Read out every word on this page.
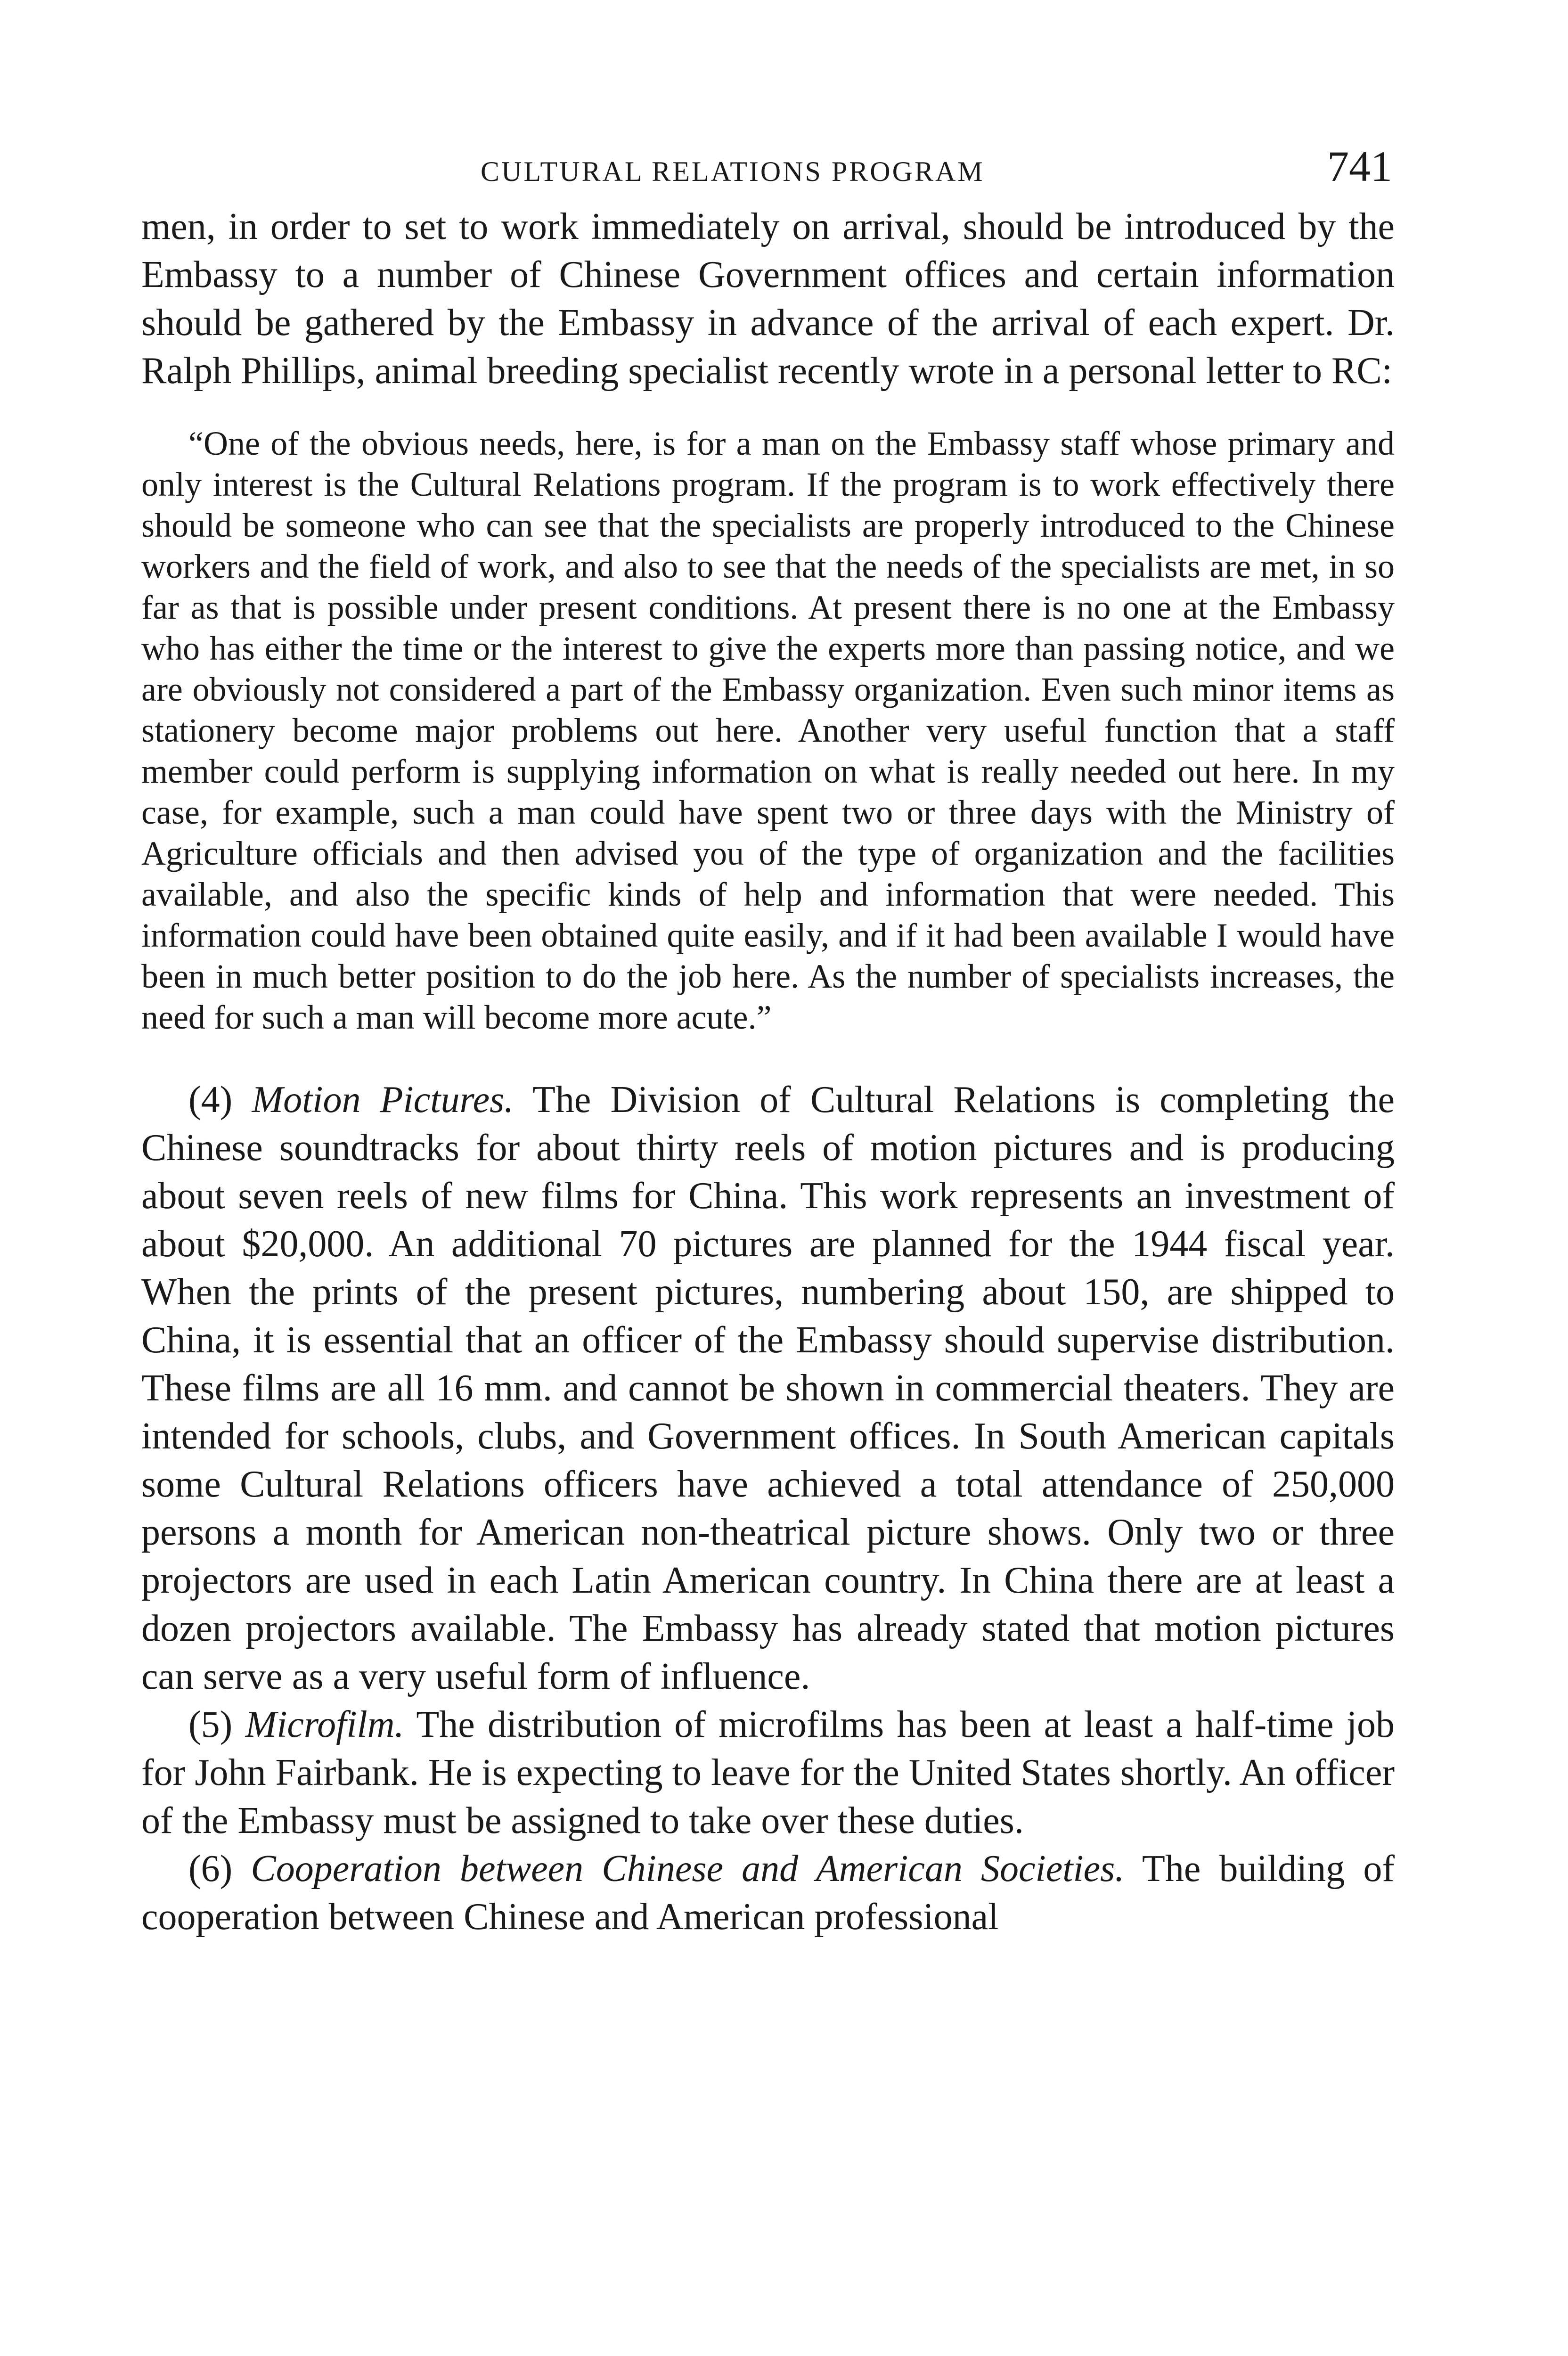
CULTURAL RELATIONS PROGRAM	741

men, in order to set to work immediately on arrival, should be introduced by the Embassy to a number of Chinese Government offices and certain information should be gathered by the Embassy in advance of the arrival of each expert. Dr. Ralph Phillips, animal breeding specialist recently wrote in a personal letter to RC:

“One of the obvious needs, here, is for a man on the Embassy staff whose primary and only interest is the Cultural Relations program. If the program is to work effectively there should be someone who can see that the specialists are properly introduced to the Chinese workers and the field of work, and also to see that the needs of the specialists are met, in so far as that is possible under present conditions. At present there is no one at the Embassy who has either the time or the interest to give the experts more than passing notice, and we are obviously not considered a part of the Embassy organization. Even such minor items as stationery become major problems out here. Another very useful function that a staff member could perform is supplying information on what is really needed out here. In my case, for example, such a man could have spent two or three days with the Ministry of Agriculture officials and then advised you of the type of organization and the facilities available, and also the specific kinds of help and information that were needed. This information could have been obtained quite easily, and if it had been available I would have been in much better position to do the job here. As the number of specialists increases, the need for such a man will become more acute.”

(4) Motion Pictures. The Division of Cultural Relations is completing the Chinese soundtracks for about thirty reels of motion pictures and is producing about seven reels of new films for China. This work represents an investment of about $20,000. An additional 70 pictures are planned for the 1944 fiscal year. When the prints of the present pictures, numbering about 150, are shipped to China, it is essential that an officer of the Embassy should supervise distribution. These films are all 16 mm. and cannot be shown in commercial theaters. They are intended for schools, clubs, and Government offices. In South American capitals some Cultural Relations officers have achieved a total attendance of 250,000 persons a month for American non-theatrical picture shows. Only two or three projectors are used in each Latin American country. In China there are at least a dozen projectors available. The Embassy has already stated that motion pictures can serve as a very useful form of influence.

(5) Microfilm. The distribution of microfilms has been at least a half-time job for John Fairbank. He is expecting to leave for the United States shortly. An officer of the Embassy must be assigned to take over these duties.

(6) Cooperation between Chinese and American Societies. The building of cooperation between Chinese and American professional
